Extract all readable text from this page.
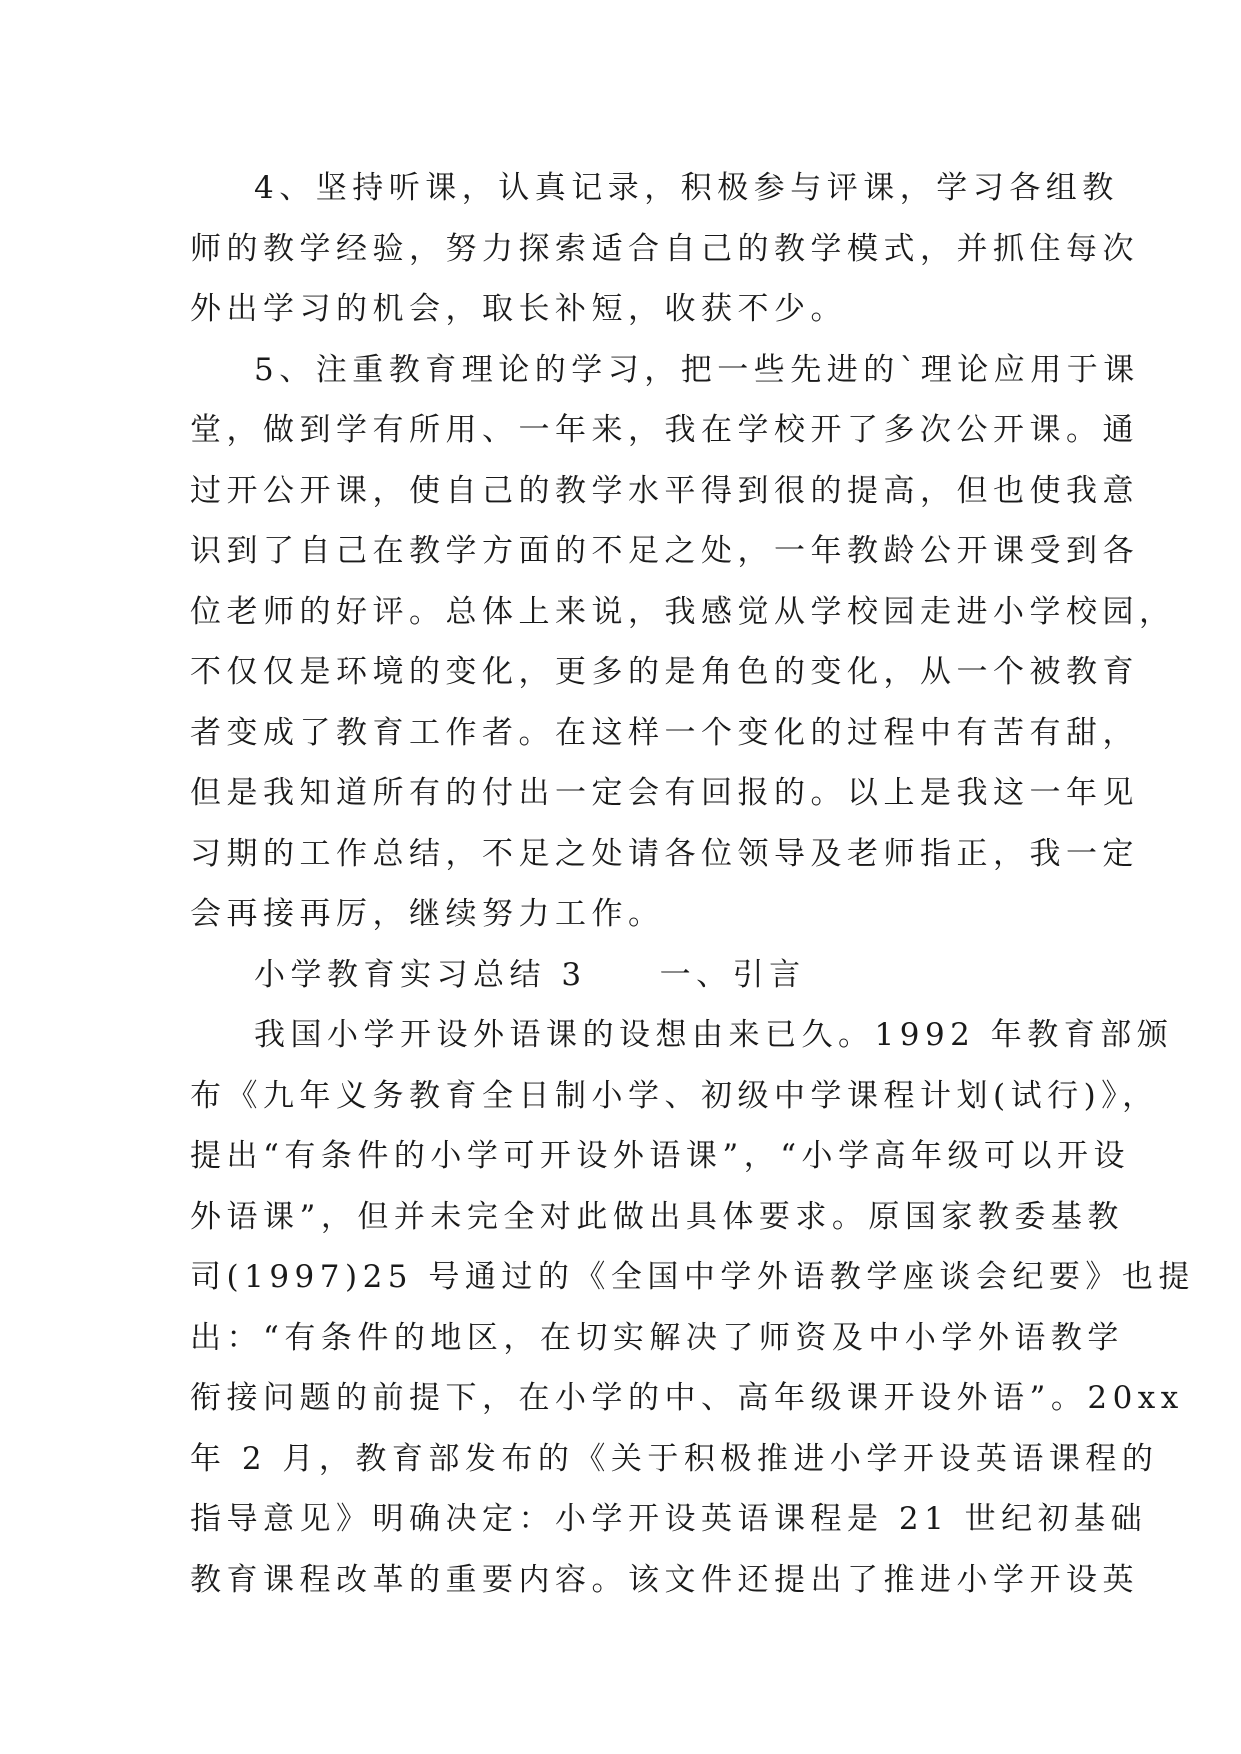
4、坚持听课，认真记录，积极参与评课，学习各组教
师的教学经验，努力探索适合自己的教学模式，并抓住每次
外出学习的机会，取长补短，收获不少。
5、注重教育理论的学习，把一些先进的`理论应用于课
堂，做到学有所用、一年来，我在学校开了多次公开课。通
过开公开课，使自己的教学水平得到很的提高，但也使我意
识到了自己在教学方面的不足之处，一年教龄公开课受到各
位老师的好评。总体上来说，我感觉从学校园走进小学校园，
不仅仅是环境的变化，更多的是角色的变化，从一个被教育
者变成了教育工作者。在这样一个变化的过程中有苦有甜，
但是我知道所有的付出一定会有回报的。以上是我这一年见
习期的工作总结，不足之处请各位领导及老师指正，我一定
会再接再厉，继续努力工作。
小学教育实习总结 3　　一、引言
我国小学开设外语课的设想由来已久。1992 年教育部颁
布《九年义务教育全日制小学、初级中学课程计划(试行)》，
提出“有条件的小学可开设外语课”，“小学高年级可以开设
外语课”，但并未完全对此做出具体要求。原国家教委基教
司(1997)25 号通过的《全国中学外语教学座谈会纪要》也提
出：“有条件的地区，在切实解决了师资及中小学外语教学
衔接问题的前提下，在小学的中、高年级课开设外语”。20xx
年 2 月，教育部发布的《关于积极推进小学开设英语课程的
指导意见》明确决定：小学开设英语课程是 21 世纪初基础
教育课程改革的重要内容。该文件还提出了推进小学开设英
